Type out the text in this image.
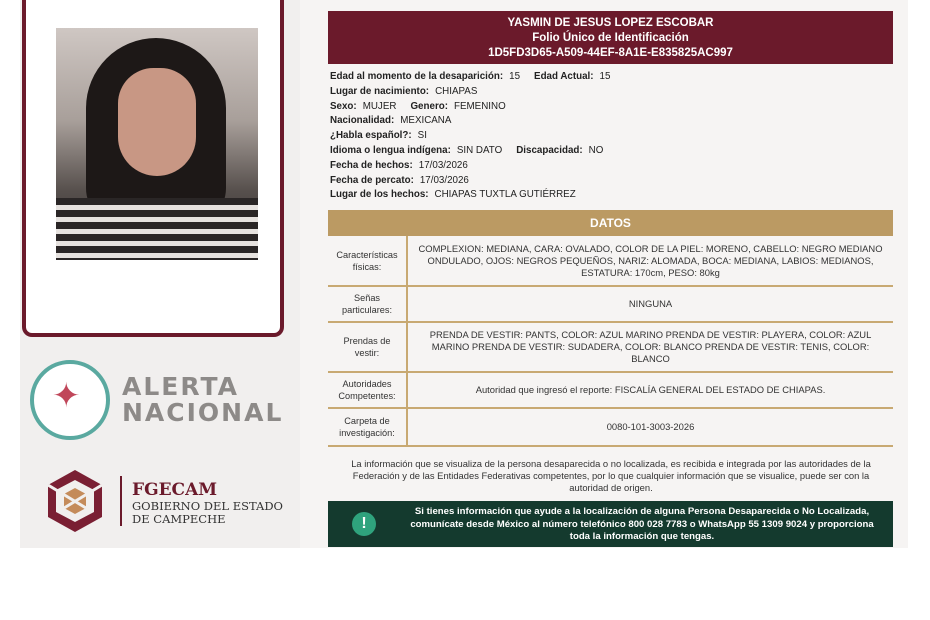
✦ ALERTA
NACIONAL
FGECAM
GOBIERNO DEL ESTADO
DE CAMPECHE
YASMIN DE JESUS LOPEZ ESCOBAR
Folio Único de Identificación
1D5FD3D65-A509-44EF-8A1E-E835825AC997
Edad al momento de la desaparición: 15 Edad Actual: 15
Lugar de nacimiento: CHIAPAS
Sexo: MUJER Genero: FEMENINO
Nacionalidad: MEXICANA
¿Habla español?: SI
Idioma o lengua indígena: SIN DATO Discapacidad: NO
Fecha de hechos: 17/03/2026
Fecha de percato: 17/03/2026
Lugar de los hechos: CHIAPAS TUXTLA GUTIÉRREZ
DATOS
Características físicas:	COMPLEXION: MEDIANA, CARA: OVALADO, COLOR DE LA PIEL: MORENO, CABELLO: NEGRO MEDIANO ONDULADO, OJOS: NEGROS PEQUEÑOS, NARIZ: ALOMADA, BOCA: MEDIANA, LABIOS: MEDIANOS, ESTATURA: 170cm, PESO: 80kg
Señas particulares:	NINGUNA
Prendas de vestir:	PRENDA DE VESTIR: PANTS, COLOR: AZUL MARINO PRENDA DE VESTIR: PLAYERA, COLOR: AZUL MARINO PRENDA DE VESTIR: SUDADERA, COLOR: BLANCO PRENDA DE VESTIR: TENIS, COLOR: BLANCO
Autoridades Competentes:	Autoridad que ingresó el reporte: FISCALÍA GENERAL DEL ESTADO DE CHIAPAS.
Carpeta de investigación:	0080-101-3003-2026
La información que se visualiza de la persona desaparecida o no localizada, es recibida e integrada por las autoridades de la Federación y de las Entidades Federativas competentes, por lo que cualquier información que se visualice, puede ser con la autoridad de origen.
!
Si tienes información que ayude a la localización de alguna Persona Desaparecida o No Localizada, comunícate desde México al número telefónico 800 028 7783 o WhatsApp 55 1309 9024 y proporciona toda la información que tengas.
